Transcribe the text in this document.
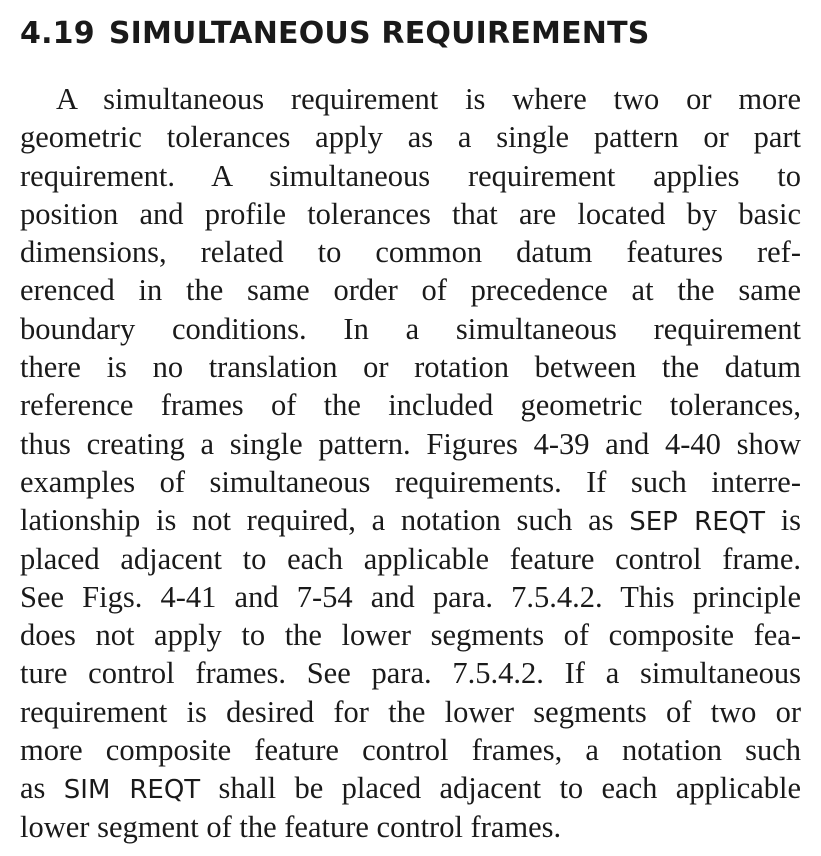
4.19 SIMULTANEOUS REQUIREMENTS
A simultaneous requirement is where two or more
geometric tolerances apply as a single pattern or part
requirement. A simultaneous requirement applies to
position and profile tolerances that are located by basic
dimensions, related to common datum features ref-
erenced in the same order of precedence at the same
boundary conditions. In a simultaneous requirement
there is no translation or rotation between the datum
reference frames of the included geometric tolerances,
thus creating a single pattern. Figures 4-39 and 4-40 show
examples of simultaneous requirements. If such interre-
lationship is not required, a notation such as SEP REQT is
placed adjacent to each applicable feature control frame.
See Figs. 4-41 and 7-54 and para. 7.5.4.2. This principle
does not apply to the lower segments of composite fea-
ture control frames. See para. 7.5.4.2. If a simultaneous
requirement is desired for the lower segments of two or
more composite feature control frames, a notation such
as SIM REQT shall be placed adjacent to each applicable
lower segment of the feature control frames.
